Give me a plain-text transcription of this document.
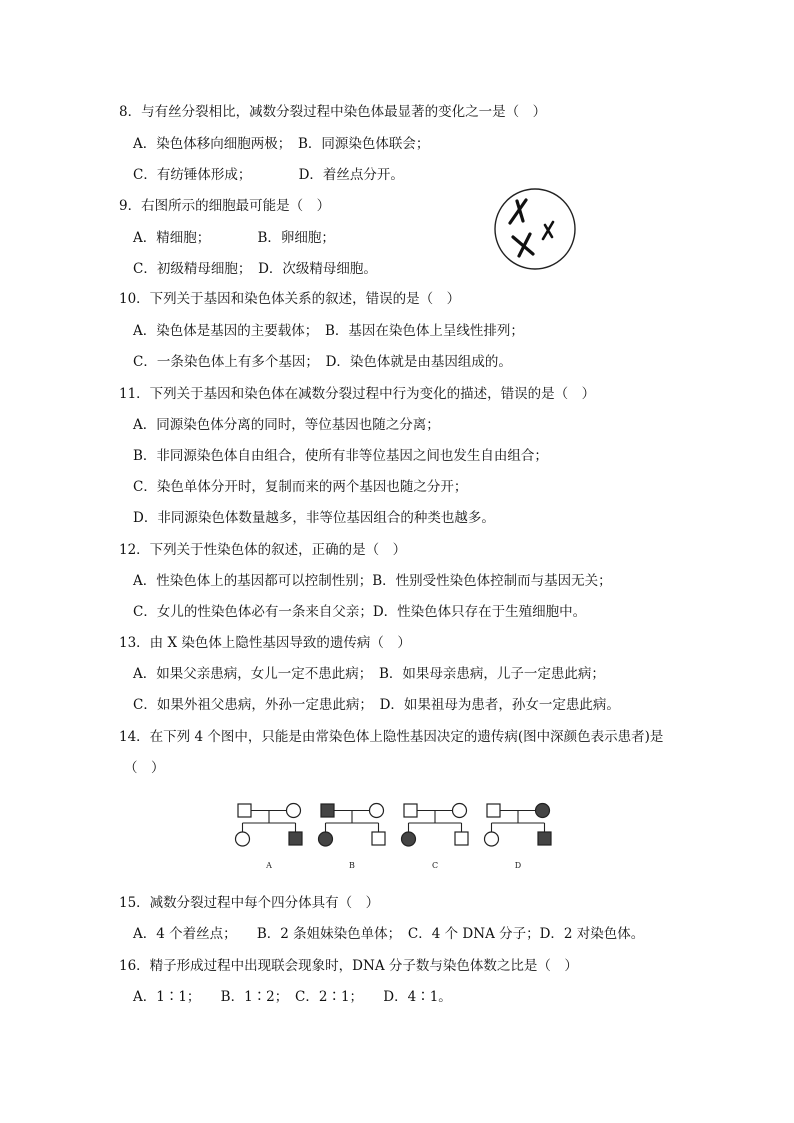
8．与有丝分裂相比，减数分裂过程中染色体最显著的变化之一是（　）
A．染色体移向细胞两极；　B．同源染色体联会；
C．有纺锤体形成；　　　　D．着丝点分开。
9．右图所示的细胞最可能是（　）
A．精细胞；　　　　B．卵细胞；
C．初级精母细胞；　D．次级精母细胞。
10．下列关于基因和染色体关系的叙述，错误的是（　）
A．染色体是基因的主要载体；　B．基因在染色体上呈线性排列；
C．一条染色体上有多个基因；　D．染色体就是由基因组成的。
11．下列关于基因和染色体在减数分裂过程中行为变化的描述，错误的是（　）
A．同源染色体分离的同时，等位基因也随之分离；
B．非同源染色体自由组合，使所有非等位基因之间也发生自由组合；
C．染色单体分开时，复制而来的两个基因也随之分开；
D．非同源染色体数量越多，非等位基因组合的种类也越多。
12．下列关于性染色体的叙述，正确的是（　）
A．性染色体上的基因都可以控制性别；B．性别受性染色体控制而与基因无关；
C．女儿的性染色体必有一条来自父亲；D．性染色体只存在于生殖细胞中。
13．由 X 染色体上隐性基因导致的遗传病（　）
A．如果父亲患病，女儿一定不患此病；　B．如果母亲患病，儿子一定患此病；
C．如果外祖父患病，外孙一定患此病；　D．如果祖母为患者，孙女一定患此病。
14．在下列 4 个图中，只能是由常染色体上隐性基因决定的遗传病(图中深颜色表示患者)是
（　）
A	B	C	D
15．减数分裂过程中每个四分体具有（　）
A．4 个着丝点；　　B．2 条姐妹染色单体；　C．4 个 DNA 分子；D．2 对染色体。
16．精子形成过程中出现联会现象时，DNA 分子数与染色体数之比是（　）
A．1∶1；　　B．1∶2；　C．2∶1；　　D．4∶1。
